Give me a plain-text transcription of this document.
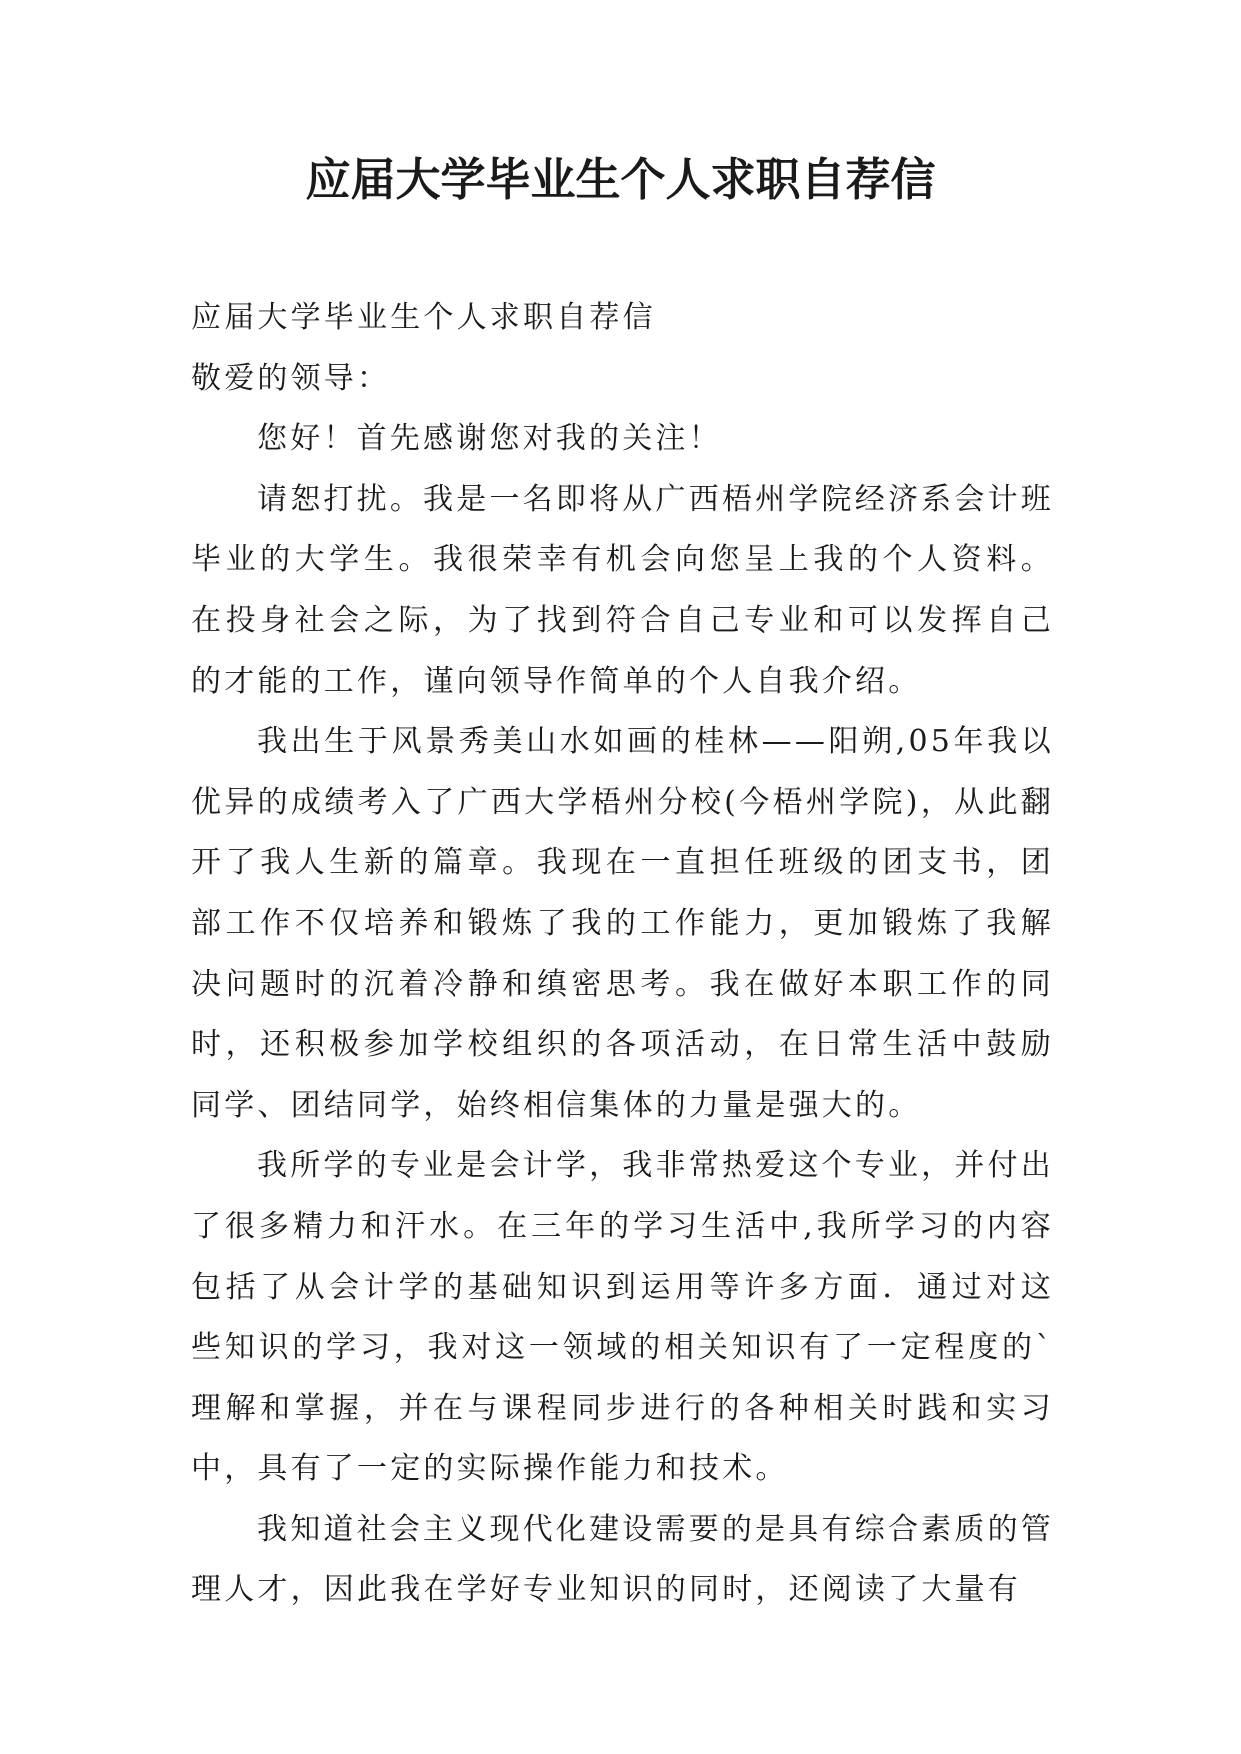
应届大学毕业生个人求职自荐信

应届大学毕业生个人求职自荐信

敬爱的领导：

您好！首先感谢您对我的关注！

请恕打扰。我是一名即将从广西梧州学院经济系会计班毕业的大学生。我很荣幸有机会向您呈上我的个人资料。在投身社会之际，为了找到符合自己专业和可以发挥自己的才能的工作，谨向领导作简单的个人自我介绍。

我出生于风景秀美山水如画的桂林——阳朔,05年我以优异的成绩考入了广西大学梧州分校(今梧州学院)，从此翻开了我人生新的篇章。我现在一直担任班级的团支书，团部工作不仅培养和锻炼了我的工作能力，更加锻炼了我解决问题时的沉着冷静和缜密思考。我在做好本职工作的同时，还积极参加学校组织的各项活动，在日常生活中鼓励同学、团结同学，始终相信集体的力量是强大的。

我所学的专业是会计学，我非常热爱这个专业，并付出了很多精力和汗水。在三年的学习生活中,我所学习的内容包括了从会计学的基础知识到运用等许多方面．通过对这些知识的学习，我对这一领域的相关知识有了一定程度的`理解和掌握，并在与课程同步进行的各种相关时践和实习中，具有了一定的实际操作能力和技术。

我知道社会主义现代化建设需要的是具有综合素质的管理人才，因此我在学好专业知识的同时，还阅读了大量有
